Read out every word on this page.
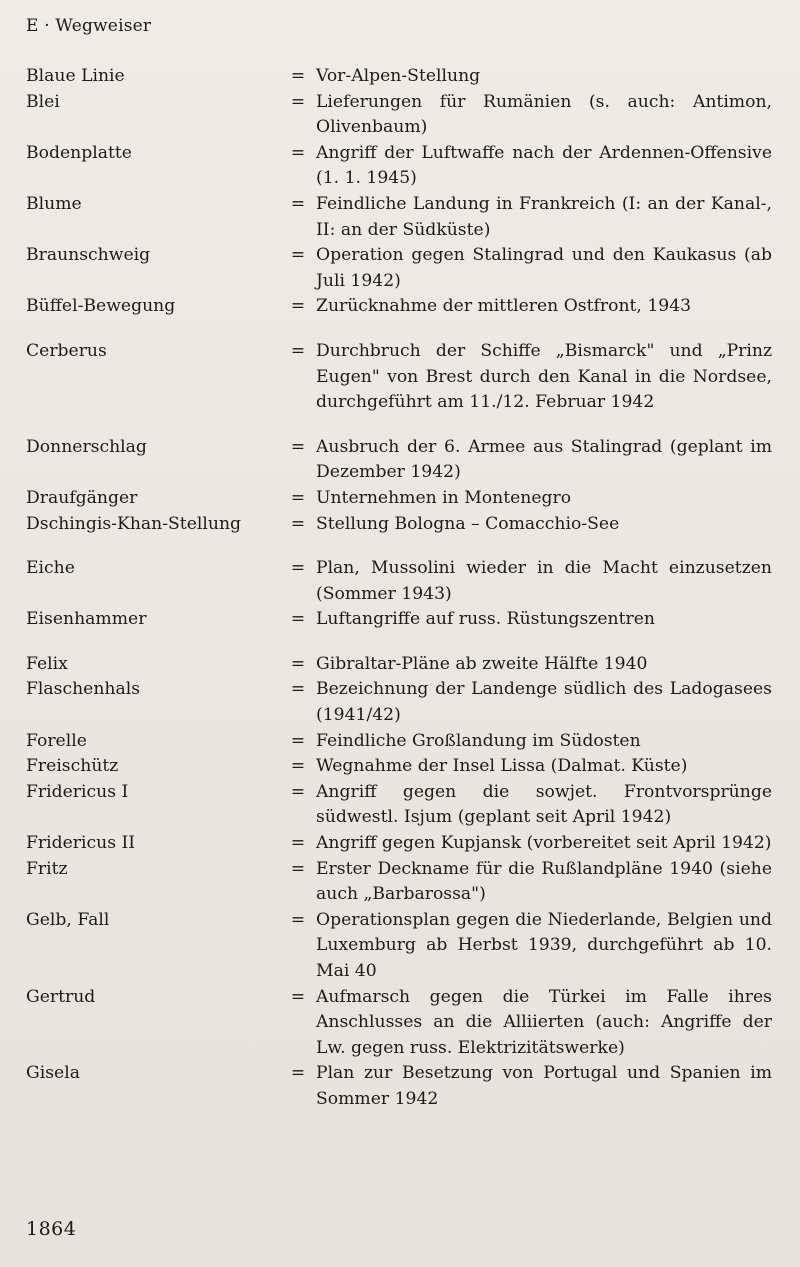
E · Wegweiser
Blaue Linie	= Vor-Alpen-Stellung
Blei	= Lieferungen für Rumänien (s. auch: Antimon, Olivenbaum)
Bodenplatte	= Angriff der Luftwaffe nach der Ardennen-Offensive (1. 1. 1945)
Blume	= Feindliche Landung in Frankreich (I: an der Kanal-, II: an der Südküste)
Braunschweig	= Operation gegen Stalingrad und den Kaukasus (ab Juli 1942)
Büffel-Bewegung	= Zurücknahme der mittleren Ostfront, 1943
Cerberus	= Durchbruch der Schiffe „Bismarck" und „Prinz Eugen" von Brest durch den Kanal in die Nordsee, durchgeführt am 11./12. Februar 1942
Donnerschlag	= Ausbruch der 6. Armee aus Stalingrad (geplant im Dezember 1942)
Draufgänger	= Unternehmen in Montenegro
Dschingis-Khan-Stellung	= Stellung Bologna – Comacchio-See
Eiche	= Plan, Mussolini wieder in die Macht einzusetzen (Sommer 1943)
Eisenhammer	= Luftangriffe auf russ. Rüstungszentren
Felix	= Gibraltar-Pläne ab zweite Hälfte 1940
Flaschenhals	= Bezeichnung der Landenge südlich des Ladogasees (1941/42)
Forelle	= Feindliche Großlandung im Südosten
Freischütz	= Wegnahme der Insel Lissa (Dalmat. Küste)
Fridericus I	= Angriff gegen die sowjet. Frontvorsprünge südwestl. Isjum (geplant seit April 1942)
Fridericus II	= Angriff gegen Kupjansk (vorbereitet seit April 1942)
Fritz	= Erster Deckname für die Rußlandpläne 1940 (siehe auch „Barbarossa")
Gelb, Fall	= Operationsplan gegen die Niederlande, Belgien und Luxemburg ab Herbst 1939, durchgeführt ab 10. Mai 40
Gertrud	= Aufmarsch gegen die Türkei im Falle ihres Anschlusses an die Alliierten (auch: Angriffe der Lw. gegen russ. Elektrizitätswerke)
Gisela	= Plan zur Besetzung von Portugal und Spanien im Sommer 1942
1864
